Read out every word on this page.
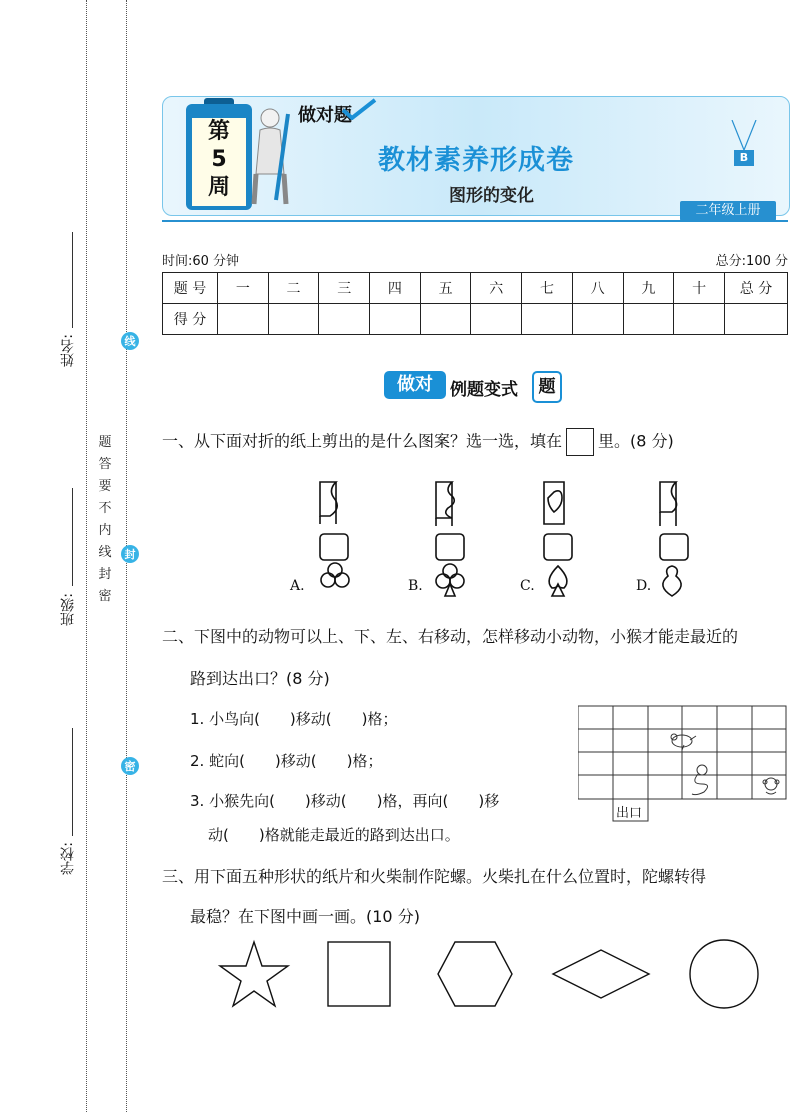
姓名:
班级:
学校:
线
封
密
题
答
要
不
内
线
封
密
第
5
周
做对题
教材素养形成卷
图形的变化
B
二年级上册
时间:60 分钟	总分:100 分
题 号	一	二	三	四	五	六	七	八	九	十	总 分
得 分											
做对	例题变式	题
一、从下面对折的纸上剪出的是什么图案？选一选，填在 里。(8 分)
A.	B.	C.	D.
二、下图中的动物可以上、下、左、右移动，怎样移动小动物，小猴才能走最近的
路到达出口？(8 分)
1. 小鸟向(　　)移动(　　)格；
2. 蛇向(　　)移动(　　)格；
3. 小猴先向(　　)移动(　　)格，再向(　　)移
动(　　)格就能走最近的路到达出口。
出口
三、用下面五种形状的纸片和火柴制作陀螺。火柴扎在什么位置时，陀螺转得
最稳？在下图中画一画。(10 分)
